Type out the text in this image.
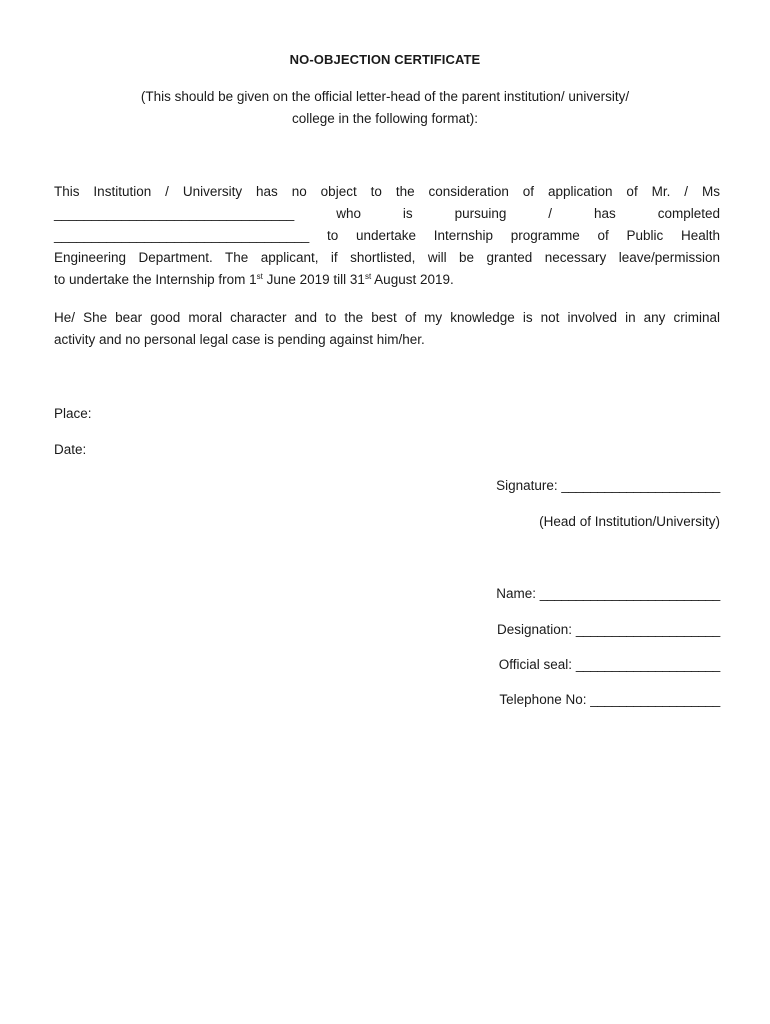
NO-OBJECTION CERTIFICATE
(This should be given on the official letter-head of the parent institution/ university/
college in the following format):
This Institution / University has no object to the consideration of application of Mr. / Ms
________________________________	who is pursuing / has completed
__________________________________ to undertake Internship programme of Public Health
Engineering Department. The applicant, if shortlisted, will be granted necessary leave/permission
to undertake the Internship from 1st June 2019 till 31st August 2019.
He/ She bear good moral character and to the best of my knowledge is not involved in any criminal
activity and no personal legal case is pending against him/her.
Place:
Date:
Signature: ______________________
(Head of Institution/University)
Name: _________________________
Designation: ____________________
Official seal: ____________________
Telephone No: __________________
